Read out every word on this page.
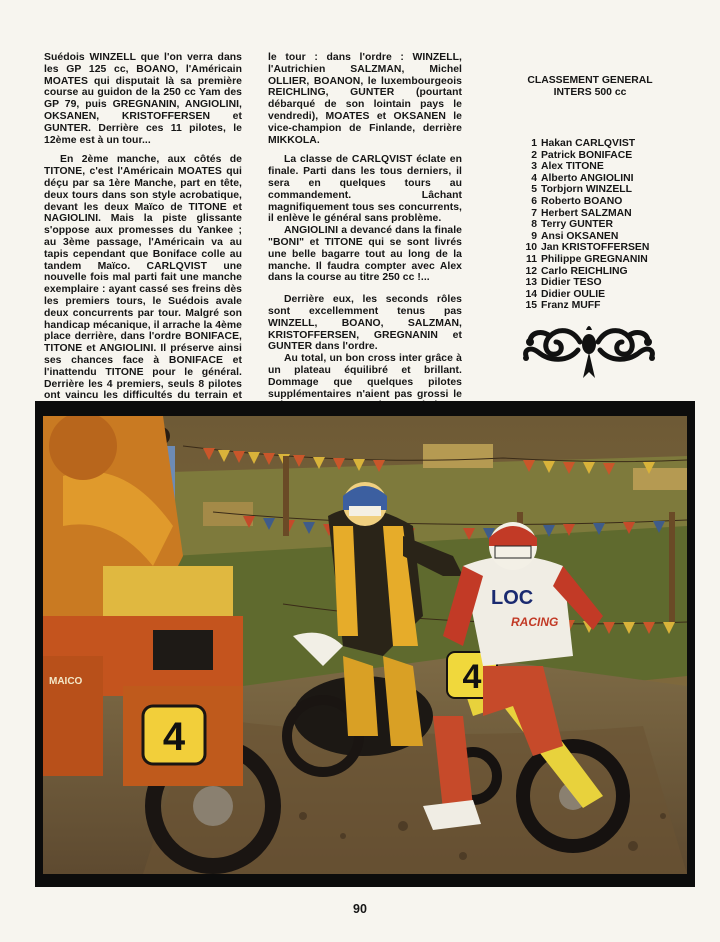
Suédois WINZELL que l'on verra dans les GP 125 cc, BOANO, l'Américain MOATES qui disputait là sa première course au guidon de la 250 cc Yam des GP 79, puis GREGNANIN, ANGIOLINI, OKSANEN, KRISTOFFERSEN et GUNTER. Derrière ces 11 pilotes, le 12ème est à un tour...

En 2ème manche, aux côtés de TITONE, c'est l'Américain MOATES qui déçu par sa 1ère Manche, part en tête, deux tours dans son style acrobatique, devant les deux Maïco de TITONE et NAGIOLINI. Mais la piste glissante s'oppose aux promesses du Yankee ; au 3ème passage, l'Américain va au tapis cependant que Boniface colle au tandem Maïco. CARLQVIST une nouvelle fois mal parti fait une manche exemplaire : ayant cassé ses freins dès les premiers tours, le Suédois avale deux concurrents par tour. Malgré son handicap mécanique, il arrache la 4ème place derrière, dans l'ordre BONIFACE, TITONE et ANGIOLINI. Il préserve ainsi ses chances face à BONIFACE et l'inattendu TITONE pour le général. Derrière les 4 premiers, seuls 8 pilotes ont vaincu les difficultés du terrain et

le tour : dans l'ordre : WINZELL, l'Autrichien SALZMAN, Michel OLLIER, BOANON, le luxembourgeois REICHLING, GUNTER (pourtant débarqué de son lointain pays le vendredi), MOATES et OKSANEN le vice-champion de Finlande, derrière MIKKOLA.

La classe de CARLQVIST éclate en finale. Parti dans les tous derniers, il sera en quelques tours au commandement. Lâchant magnifiquement tous ses concurrents, il enlève le général sans problème.

ANGIOLINI a devancé dans la finale "BONI" et TITONE qui se sont livrés une belle bagarre tout au long de la manche. Il faudra compter avec Alex dans la course au titre 250 cc !...

Derrière eux, les seconds rôles sont excellemment tenus pas WINZELL, BOANO, SALZMAN, KRISTOFFERSEN, GREGNANIN et GUNTER dans l'ordre.

Au total, un bon cross inter grâce à un plateau équilibré et brillant. Dommage que quelques pilotes supplémentaires n'aient pas grossi le

CLASSEMENT GENERAL
INTERS 500 cc
1 Hakan CARLQVIST
2 Patrick BONIFACE
3 Alex TITONE
4 Alberto ANGIOLINI
5 Torbjorn WINZELL
6 Roberto BOANO
7 Herbert SALZMAN
8 Terry GUNTER
9 Ansi OKSANEN
10 Jan KRISTOFFERSEN
11 Philippe GREGNANIN
12 Carlo REICHLING
13 Didier TESO
14 Didier OULIE
15 Franz MUFF
4
MAICO	4
LOC
RACING
90
